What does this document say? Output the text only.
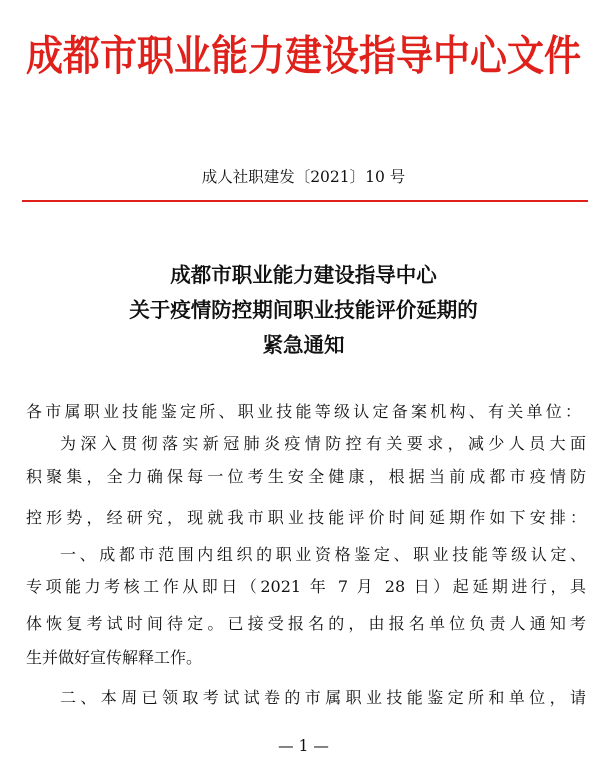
成都市职业能力建设指导中心文件
成人社职建发〔2021〕10 号
成都市职业能力建设指导中心
关于疫情防控期间职业技能评价延期的
紧急通知
各市属职业技能鉴定所、职业技能等级认定备案机构、有关单位：
为深入贯彻落实新冠肺炎疫情防控有关要求，减少人员大面
积聚集，全力确保每一位考生安全健康，根据当前成都市疫情防
控形势，经研究，现就我市职业技能评价时间延期作如下安排：
一、成都市范围内组织的职业资格鉴定、职业技能等级认定、
专项能力考核工作从即日（2021 年 7 月 28 日）起延期进行，具
体恢复考试时间待定。已接受报名的，由报名单位负责人通知考
生并做好宣传解释工作。
二、本周已领取考试试卷的市属职业技能鉴定所和单位，请
— 1 —
